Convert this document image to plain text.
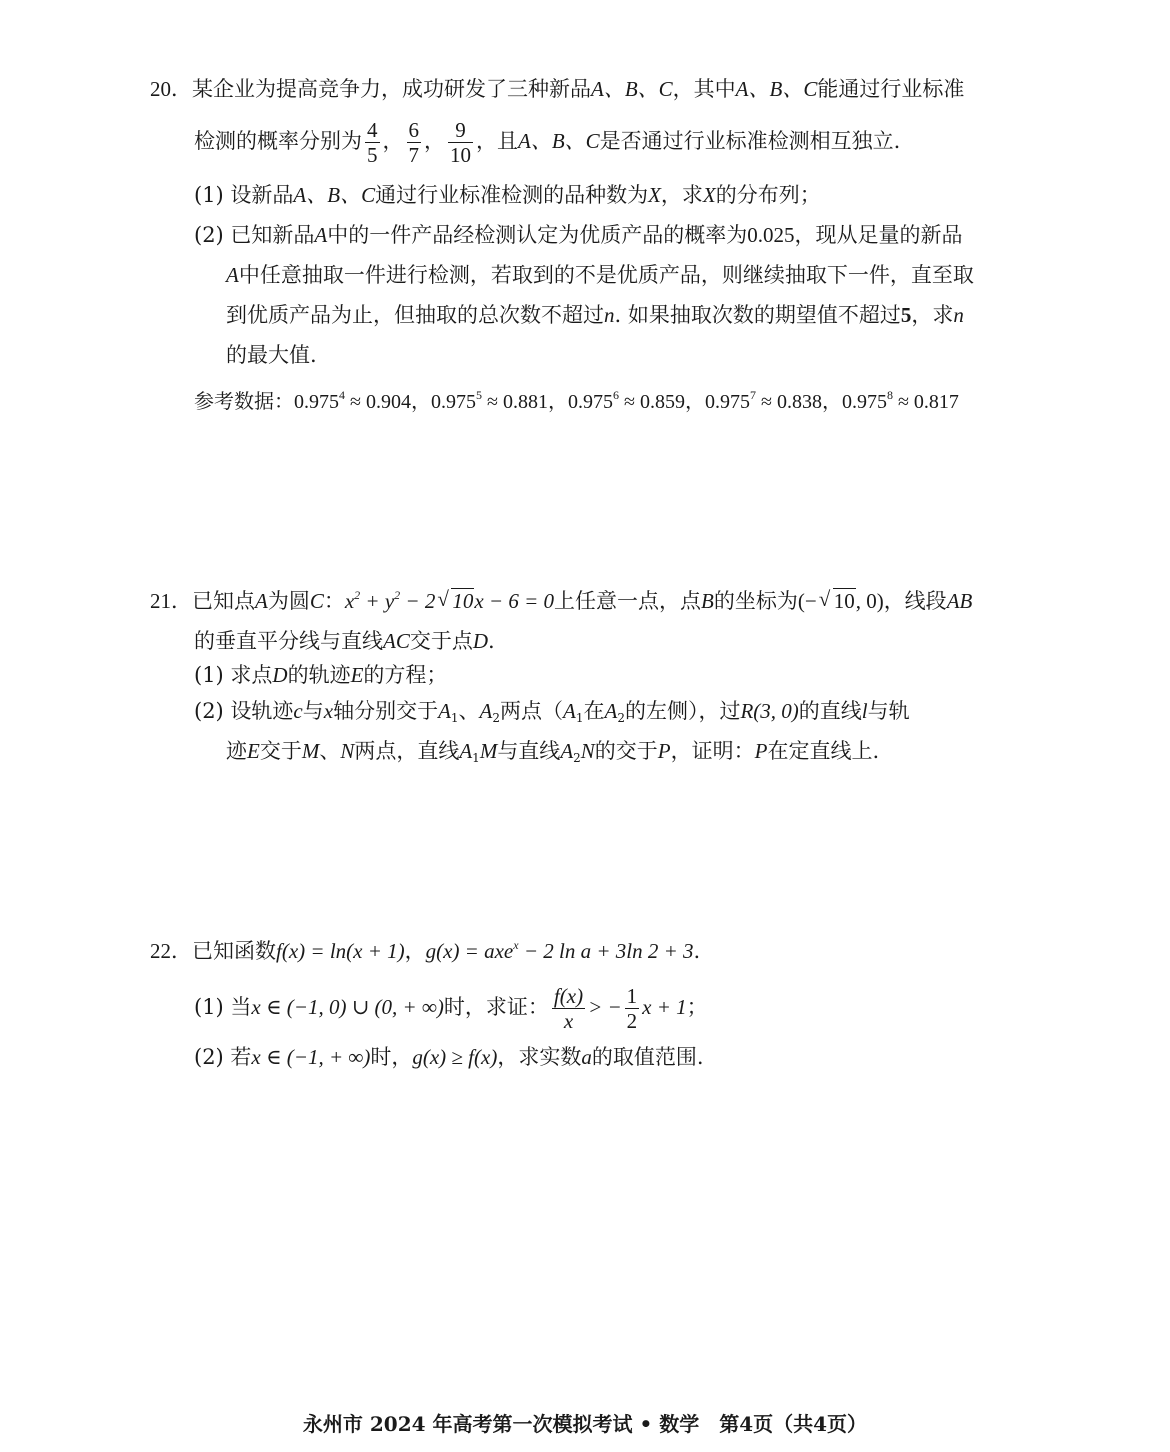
20．某企业为提高竞争力，成功研发了三种新品A、B、C，其中A、B、C能通过行业标准
检测的概率分别为 $\frac{4}{5}$ ， $\frac{6}{7}$ ， $\frac{9}{10}$ ，且A、B、C是否通过行业标准检测相互独立.
(1) 设新品A、B、C通过行业标准检测的品种数为X，求X的分布列；
(2) 已知新品A中的一件产品经检测认定为优质产品的概率为0.025，现从足量的新品
A中任意抽取一件进行检测，若取到的不是优质产品，则继续抽取下一件，直至取
到优质产品为止，但抽取的总次数不超过n. 如果抽取次数的期望值不超过5，求n
的最大值.
参考数据：$0.975^4 \approx 0.904$，$0.975^5 \approx 0.881$，$0.975^6 \approx 0.859$，$0.975^7 \approx 0.838$，$0.975^8 \approx 0.817$
21．已知点A为圆C：$x^2 + y^2 - 2√$ 10x − 6 = 0上任意一点，点B的坐标为(−√ 10, 0)，线段AB
的垂直平分线与直线AC交于点D.
(1) 求点D的轨迹E的方程；
(2) 设轨迹c与x轴分别交于$A_1$、$A_2$两点（$A_1$在$A_2$的左侧），过R(3, 0)的直线l与轨
迹E交于M、N两点，直线$A_1M$与直线$A_2N$的交于P，证明：P在定直线上.
22．已知函数f(x) = ln(x + 1)，g(x) = axe$^x$ − 2 ln a + 3ln 2 + 3.
(1) 当x ∈ (−1, 0) ∪ (0, + ∞)时，求证： $\frac{f(x)}{x}$ > − $\frac{1}{2}$ x + 1；
(2) 若x ∈ (−1, + ∞)时，g(x) ≥ f(x)，求实数a的取值范围.
永州市 2024 年高考第一次模拟考试 • 数学　第4页（共4页）
